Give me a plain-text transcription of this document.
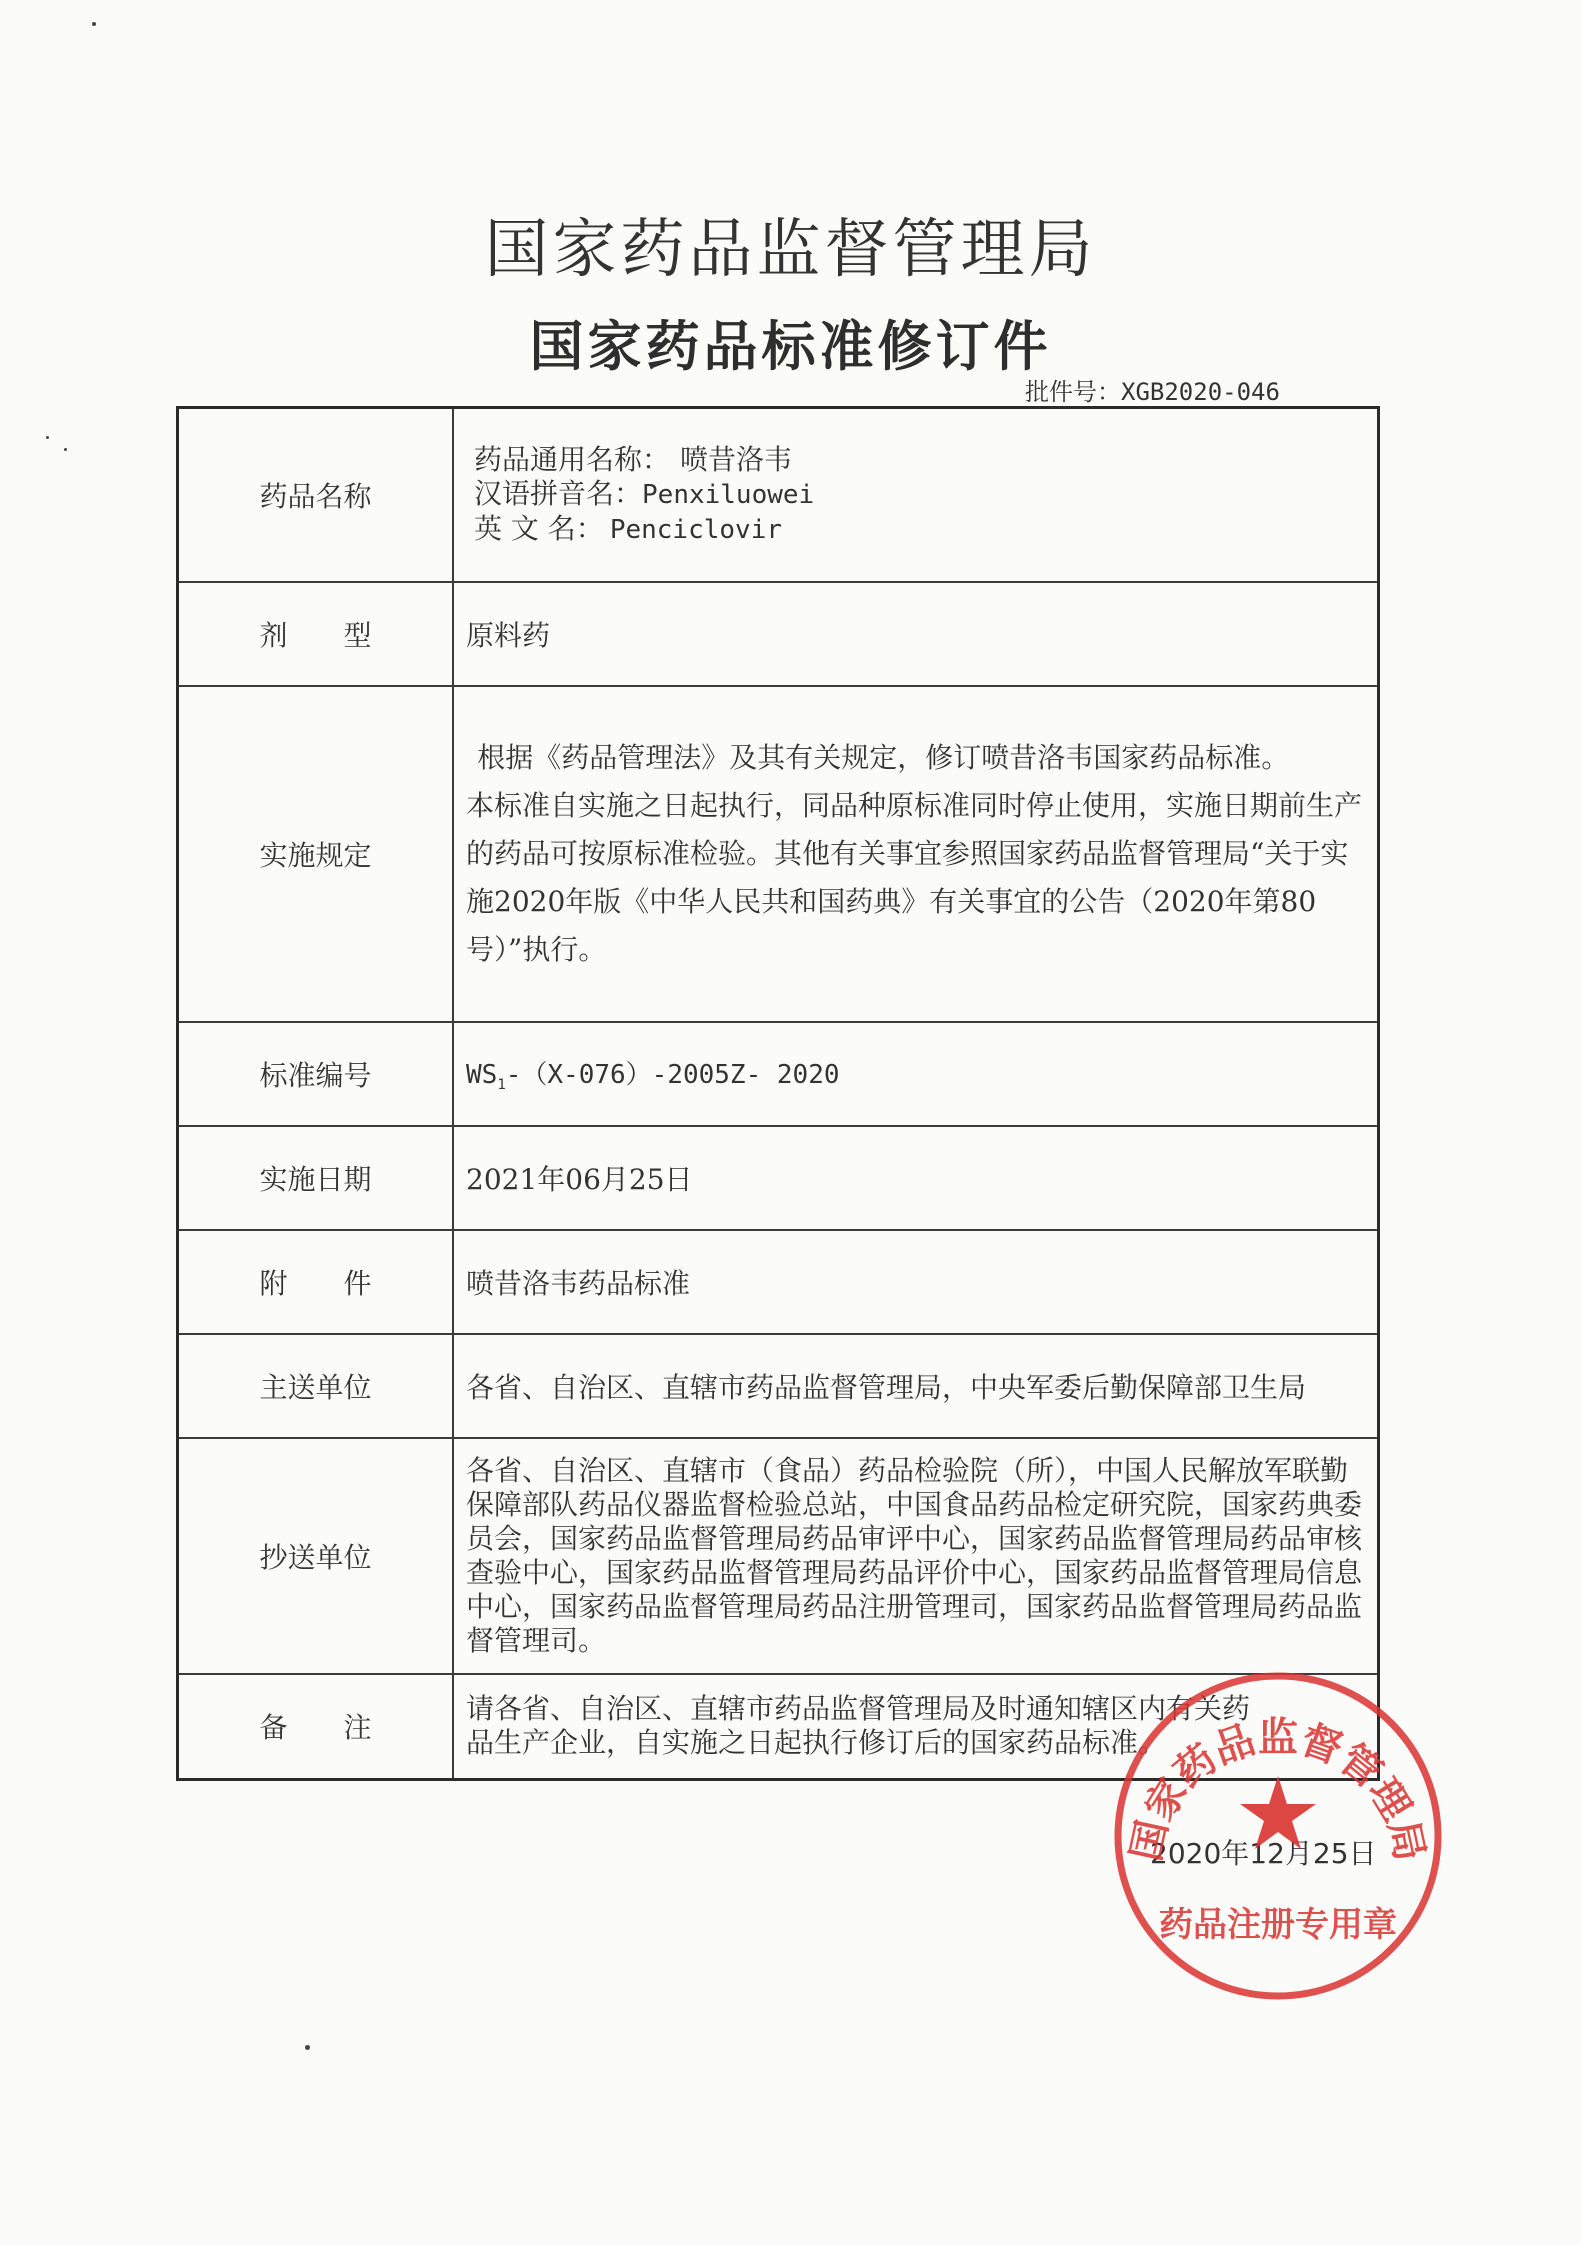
国家药品监督管理局
国家药品标准修订件
批件号：XGB2020-046
药品名称	药品通用名称： 喷昔洛韦
汉语拼音名：Penxiluowei
英 文 名： Penciclovir

剂　　型	原料药
实施规定	根据《药品管理法》及其有关规定，修订喷昔洛韦国家药品标准。
本标准自实施之日起执行，同品种原标准同时停止使用，实施日期前生产的药品可按原标准检验。其他有关事宜参照国家药品监督管理局“关于实施2020年版《中华人民共和国药典》有关事宜的公告（2020年第80号）”执行。

标准编号	$WS_1-(X-076)-2005Z-$ 2020
实施日期	2021年06月25日
附　　件	喷昔洛韦药品标准
主送单位	各省、自治区、直辖市药品监督管理局，中央军委后勤保障部卫生局
抄送单位	各省、自治区、直辖市（食品）药品检验院（所），中国人民解放军联勤保障部队药品仪器监督检验总站，中国食品药品检定研究院，国家药典委员会，国家药品监督管理局药品审评中心，国家药品监督管理局药品审核查验中心，国家药品监督管理局药品评价中心，国家药品监督管理局信息中心，国家药品监督管理局药品注册管理司，国家药品监督管理局药品监督管理司。

备　　注	请各省、自治区、直辖市药品监督管理局及时通知辖区内有关药品生产企业，自实施之日起执行修订后的国家药品标准。
2020年12月25日
国家药品监督管理局
药品注册专用章
